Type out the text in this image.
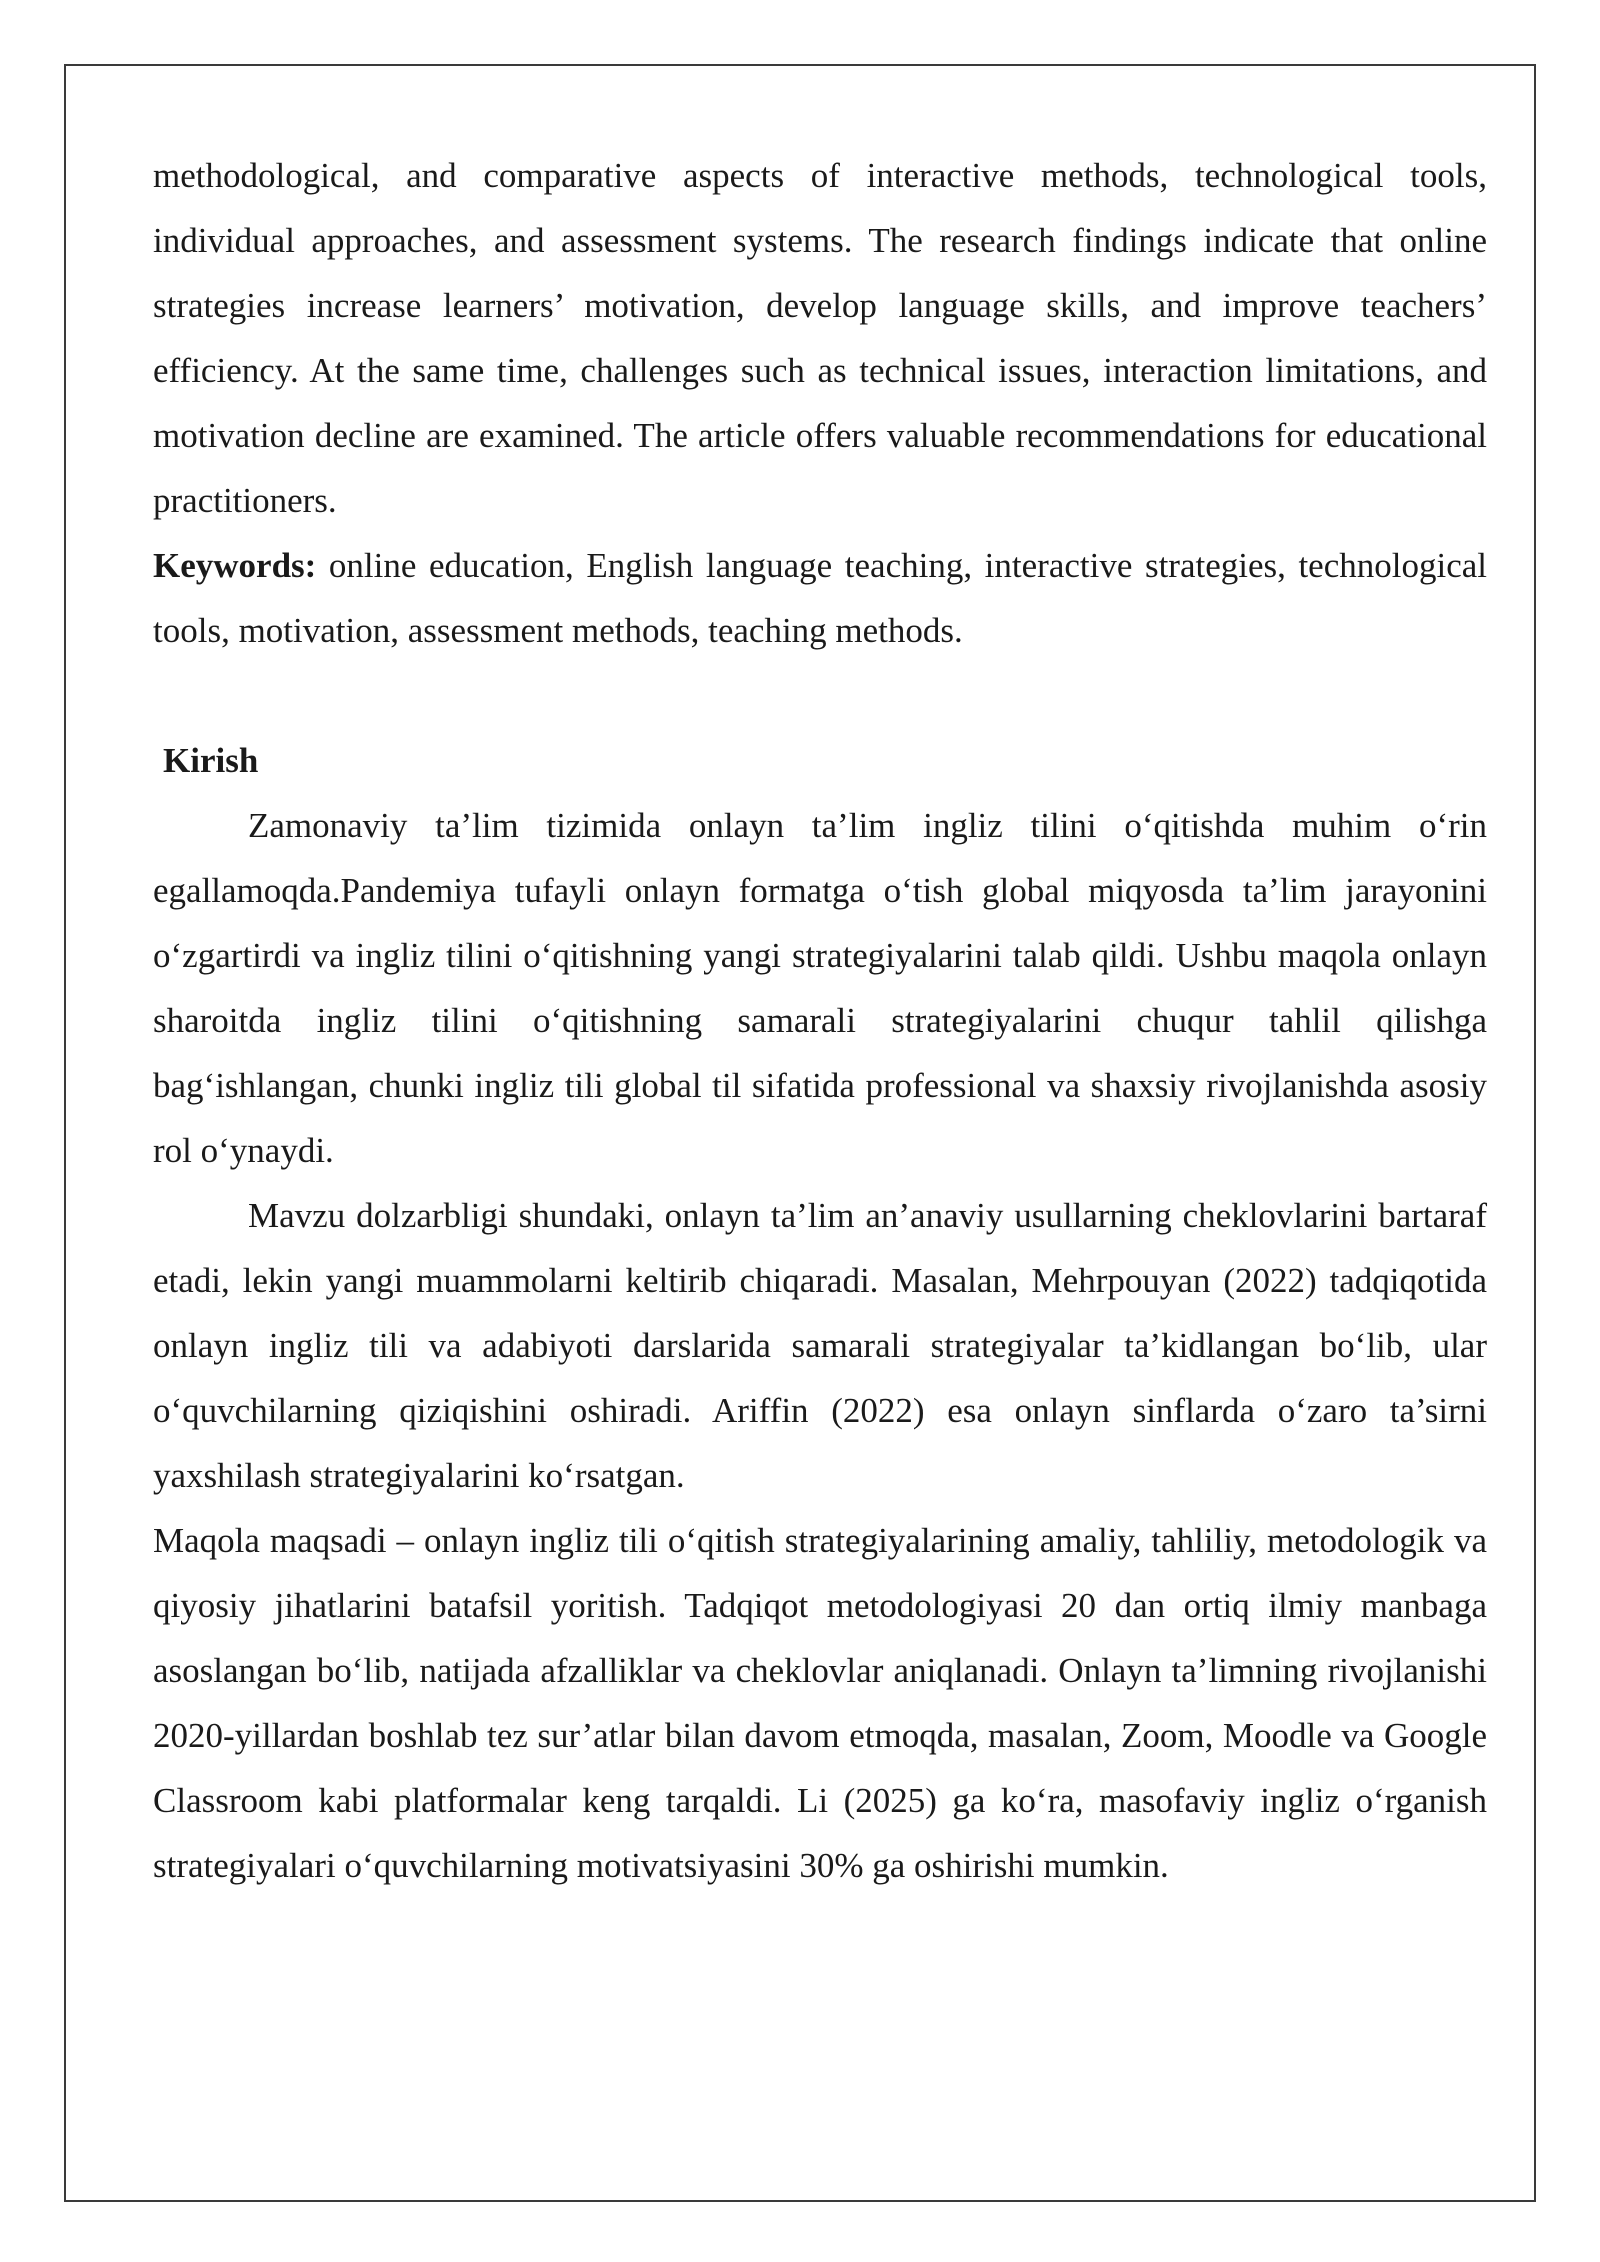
methodological, and comparative aspects of interactive methods, technological tools, individual approaches, and assessment systems. The research findings indicate that online strategies increase learners’ motivation, develop language skills, and improve teachers’ efficiency. At the same time, challenges such as technical issues, interaction limitations, and motivation decline are examined. The article offers valuable recommendations for educational practitioners.

Keywords: online education, English language teaching, interactive strategies, technological tools, motivation, assessment methods, teaching methods.

Kirish

Zamonaviy ta’lim tizimida onlayn ta’lim ingliz tilini o‘qitishda muhim o‘rin egallamoqda.Pandemiya tufayli onlayn formatga o‘tish global miqyosda ta’lim jarayonini o‘zgartirdi va ingliz tilini o‘qitishning yangi strategiyalarini talab qildi. Ushbu maqola onlayn sharoitda ingliz tilini o‘qitishning samarali strategiyalarini chuqur tahlil qilishga bag‘ishlangan, chunki ingliz tili global til sifatida professional va shaxsiy rivojlanishda asosiy rol o‘ynaydi.

Mavzu dolzarbligi shundaki, onlayn ta’lim an’anaviy usullarning cheklovlarini bartaraf etadi, lekin yangi muammolarni keltirib chiqaradi. Masalan, Mehrpouyan (2022) tadqiqotida onlayn ingliz tili va adabiyoti darslarida samarali strategiyalar ta’kidlangan bo‘lib, ular o‘quvchilarning qiziqishini oshiradi. Ariffin (2022) esa onlayn sinflarda o‘zaro ta’sirni yaxshilash strategiyalarini ko‘rsatgan.

Maqola maqsadi – onlayn ingliz tili o‘qitish strategiyalarining amaliy, tahliliy, metodologik va qiyosiy jihatlarini batafsil yoritish. Tadqiqot metodologiyasi 20 dan ortiq ilmiy manbaga asoslangan bo‘lib, natijada afzalliklar va cheklovlar aniqlanadi. Onlayn ta’limning rivojlanishi 2020-yillardan boshlab tez sur’atlar bilan davom etmoqda, masalan, Zoom, Moodle va Google Classroom kabi platformalar keng tarqaldi. Li (2025) ga ko‘ra, masofaviy ingliz o‘rganish strategiyalari o‘quvchilarning motivatsiyasini 30% ga oshirishi mumkin.
